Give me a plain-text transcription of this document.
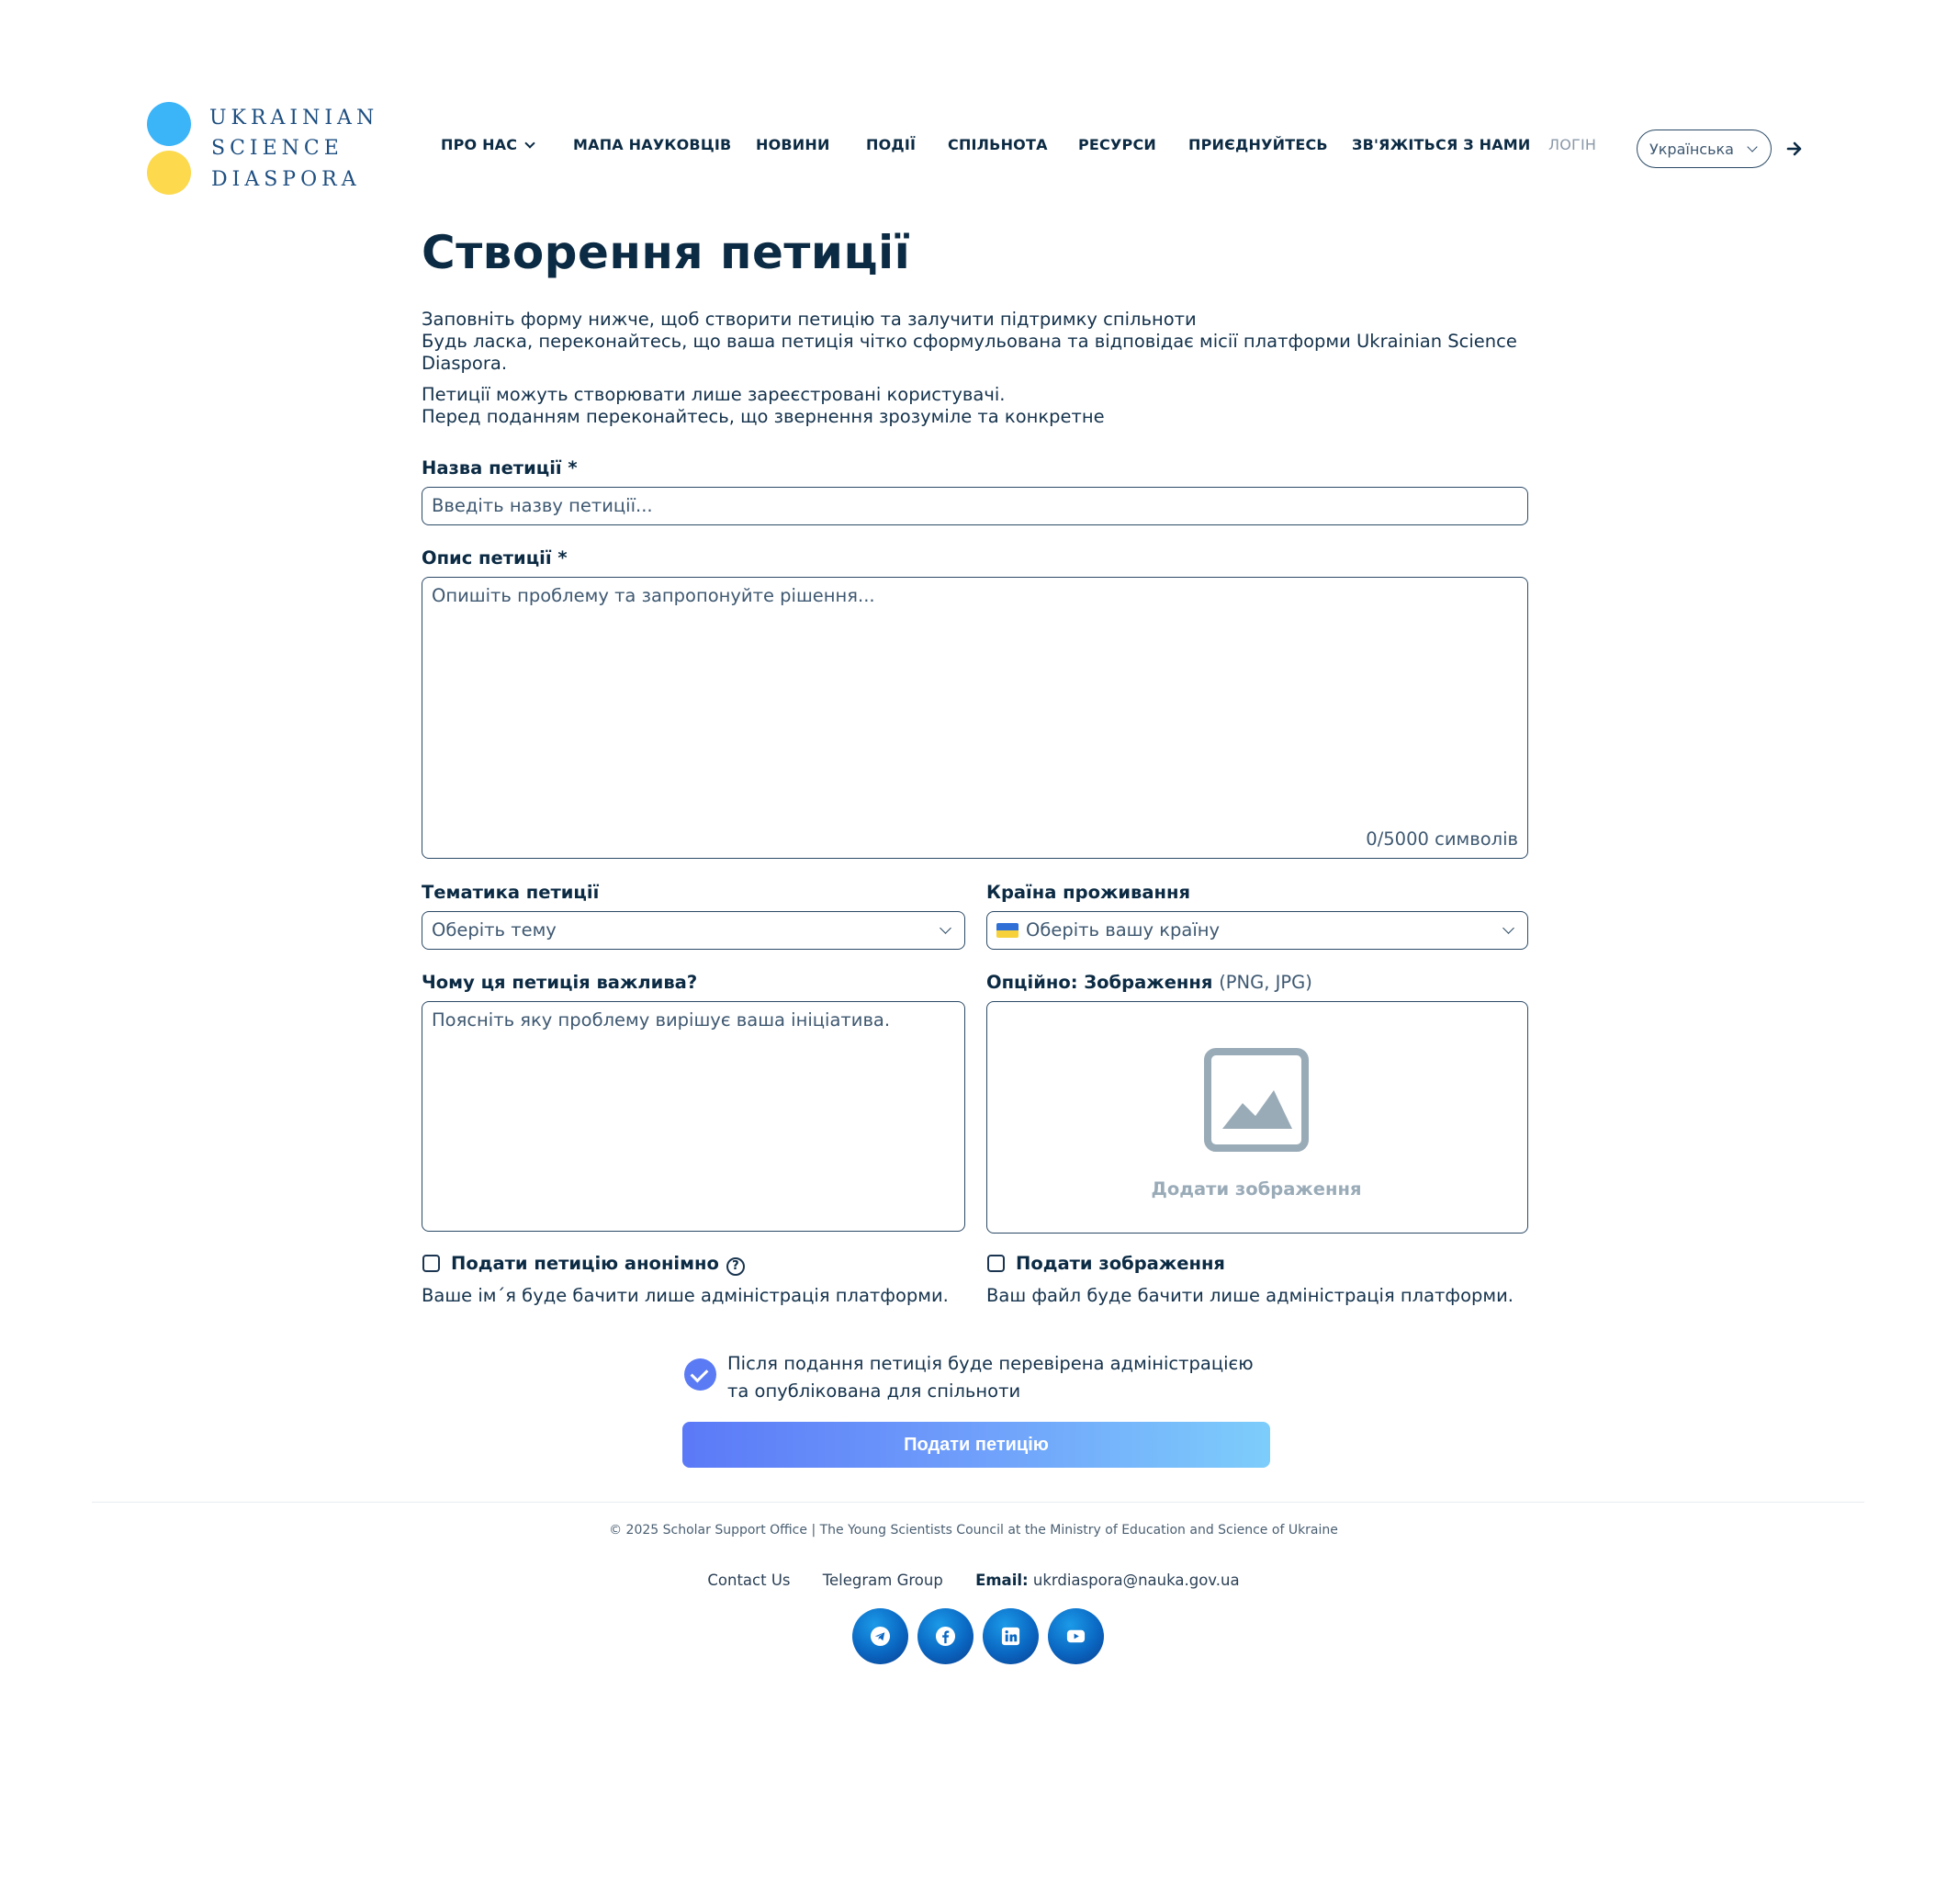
UKRAINIAN
SCIENCE
DIASPORA
ПРО НАС	МАПА НАУКОВЦІВ НОВИНИ ПОДІЇ СПІЛЬНОТА РЕСУРСИ ПРИЄДНУЙТЕСЬ ЗВ'ЯЖІТЬСЯ З НАМИ ЛОГІН	Українська
Створення петиції

Заповніть форму нижче, щоб створити петицію та залучити підтримку спільноти
Будь ласка, переконайтесь, що ваша петиція чітко сформульована та відповідає місії платформи Ukrainian Science Diaspora.

Петиції можуть створювати лише зареєстровані користувачі.
Перед поданням переконайтесь, що звернення зрозуміле та конкретне

Назва петиції *
Введіть назву петиції...
Опис петиції *
Опишіть проблему та запропонуйте рішення...
0/5000 символів
Тематика петиції
Оберіть тему
Країна проживання
Оберіть вашу країну
Чому ця петиція важлива?
Поясніть яку проблему вирішує ваша ініціатива.
Опційно: Зображення (PNG, JPG)
Додати зображення
Подати петицію анонімно ?
Ваше ім´я буде бачити лише адміністрація платформи.
Подати зображення
Ваш файл буде бачити лише адміністрація платформи.
Після подання петиція буде перевірена адміністрацією
та опублікована для спільноти
Подати петицію
© 2025 Scholar Support Office | The Young Scientists Council at the Ministry of Education and Science of Ukraine
Contact Us Telegram Group Email: ukrdiaspora@nauka.gov.ua
